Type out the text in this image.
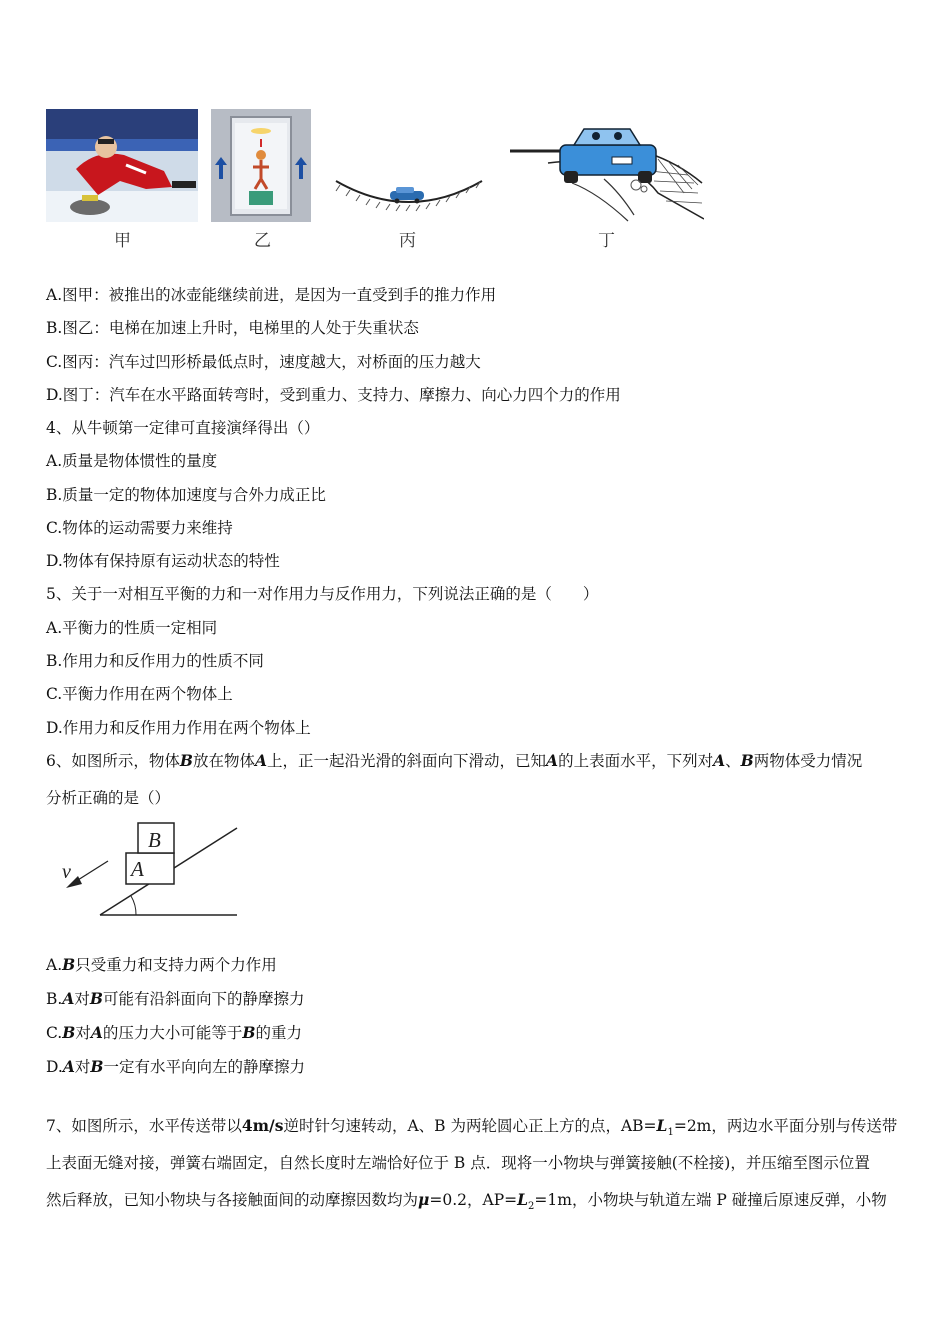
甲	乙	丙	丁
A.图甲：被推出的冰壶能继续前进，是因为一直受到手的推力作用
B.图乙：电梯在加速上升时，电梯里的人处于失重状态
C.图丙：汽车过凹形桥最低点时，速度越大，对桥面的压力越大
D.图丁：汽车在水平路面转弯时，受到重力、支持力、摩擦力、向心力四个力的作用
4、从牛顿第一定律可直接演绎得出（）
A.质量是物体惯性的量度
B.质量一定的物体加速度与合外力成正比
C.物体的运动需要力来维持
D.物体有保持原有运动状态的特性
5、关于一对相互平衡的力和一对作用力与反作用力，下列说法正确的是（　　）
A.平衡力的性质一定相同
B.作用力和反作用力的性质不同
C.平衡力作用在两个物体上
D.作用力和反作用力作用在两个物体上
6、如图所示，物体B放在物体A上，正一起沿光滑的斜面向下滑动，已知A的上表面水平，下列对A、B两物体受力情况
分析正确的是（）
B
A
v
A.B只受重力和支持力两个力作用
B.A对B可能有沿斜面向下的静摩擦力
C.B对A的压力大小可能等于B的重力
D.A对B一定有水平向向左的静摩擦力
7、如图所示，水平传送带以4m/s逆时针匀速转动，A、B 为两轮圆心正上方的点，$AB=L_1=2m$，两边水平面分别与传送带
上表面无缝对接，弹簧右端固定，自然长度时左端恰好位于 B 点．现将一小物块与弹簧接触(不栓接)，并压缩至图示位置
然后释放，已知小物块与各接触面间的动摩擦因数均为μ=0.2，$AP=L_2=1m$，小物块与轨道左端 P 碰撞后原速反弹，小物
